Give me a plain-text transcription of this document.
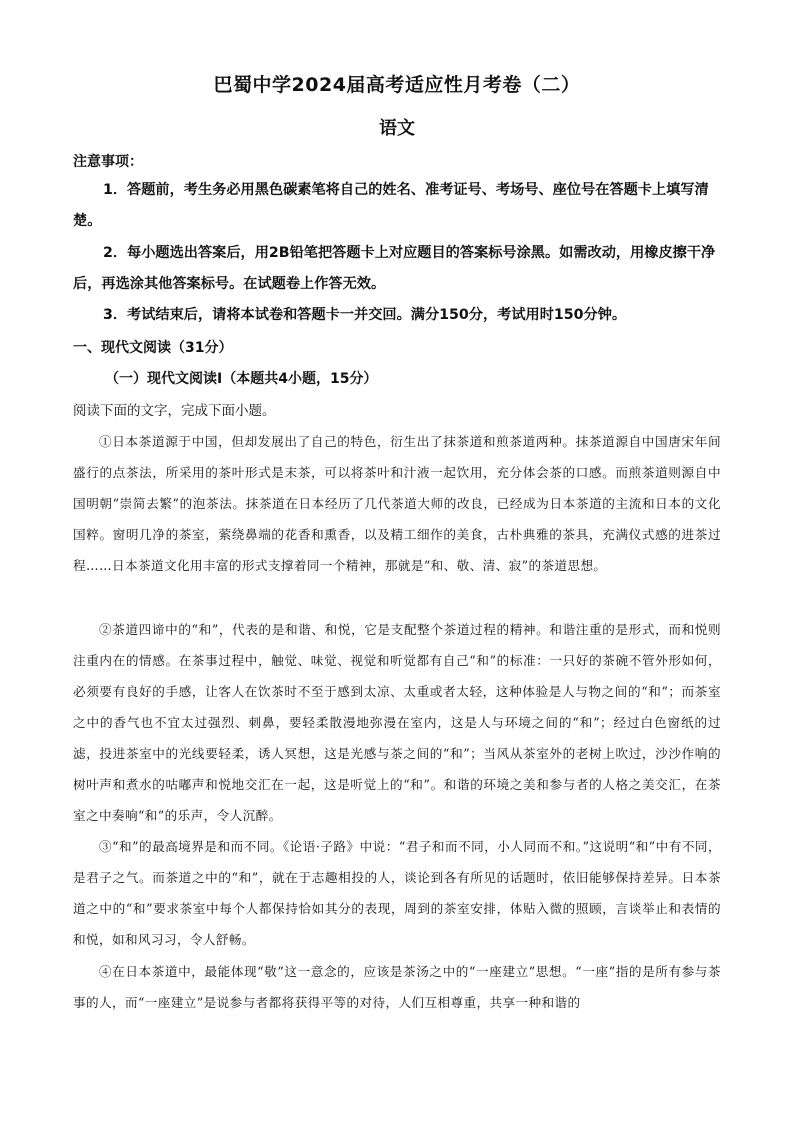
巴蜀中学2024届高考适应性月考卷（二）
语文
注意事项：

1．答题前，考生务必用黑色碳素笔将自己的姓名、准考证号、考场号、座位号在答题卡上填写清楚。

2．每小题选出答案后，用2B铅笔把答题卡上对应题目的答案标号涂黑。如需改动，用橡皮擦干净后，再选涂其他答案标号。在试题卷上作答无效。

3．考试结束后，请将本试卷和答题卡一并交回。满分150分，考试用时150分钟。

一、现代文阅读（31分）
（一）现代文阅读Ⅰ（本题共4小题，15分）
阅读下面的文字，完成下面小题。

①日本茶道源于中国，但却发展出了自己的特色，衍生出了抹茶道和煎茶道两种。抹茶道源自中国唐宋年间盛行的点茶法，所采用的茶叶形式是末茶，可以将茶叶和汁液一起饮用，充分体会茶的口感。而煎茶道则源自中国明朝“崇简去繁”的泡茶法。抹茶道在日本经历了几代茶道大师的改良，已经成为日本茶道的主流和日本的文化国粹。窗明几净的茶室，萦绕鼻端的花香和熏香，以及精工细作的美食，古朴典雅的茶具，充满仪式感的进茶过程……日本茶道文化用丰富的形式支撑着同一个精神，那就是“和、敬、清、寂”的茶道思想。

②茶道四谛中的“和”，代表的是和谐、和悦，它是支配整个茶道过程的精神。和谐注重的是形式，而和悦则注重内在的情感。在茶事过程中，触觉、味觉、视觉和听觉都有自己“和”的标准：一只好的茶碗不管外形如何，必须要有良好的手感，让客人在饮茶时不至于感到太凉、太重或者太轻，这种体验是人与物之间的“和”；而茶室之中的香气也不宜太过强烈、刺鼻，要轻柔散漫地弥漫在室内，这是人与环境之间的“和”；经过白色窗纸的过滤，投进茶室中的光线要轻柔，诱人冥想，这是光感与茶之间的“和”；当风从茶室外的老树上吹过，沙沙作响的树叶声和煮水的咕嘟声和悦地交汇在一起，这是听觉上的“和”。和谐的环境之美和参与者的人格之美交汇，在茶室之中奏响“和”的乐声，令人沉醉。

③“和”的最高境界是和而不同。《论语·子路》中说：“君子和而不同，小人同而不和。”这说明“和”中有不同，是君子之气。而茶道之中的“和”，就在于志趣相投的人，谈论到各有所见的话题时，依旧能够保持差异。日本茶道之中的“和”要求茶室中每个人都保持恰如其分的表现，周到的茶室安排，体贴入微的照顾，言谈举止和表情的和悦，如和风习习，令人舒畅。

④在日本茶道中，最能体现“敬”这一意念的，应该是茶汤之中的“一座建立”思想。“一座”指的是所有参与茶事的人，而“一座建立”是说参与者都将获得平等的对待，人们互相尊重，共享一种和谐的
